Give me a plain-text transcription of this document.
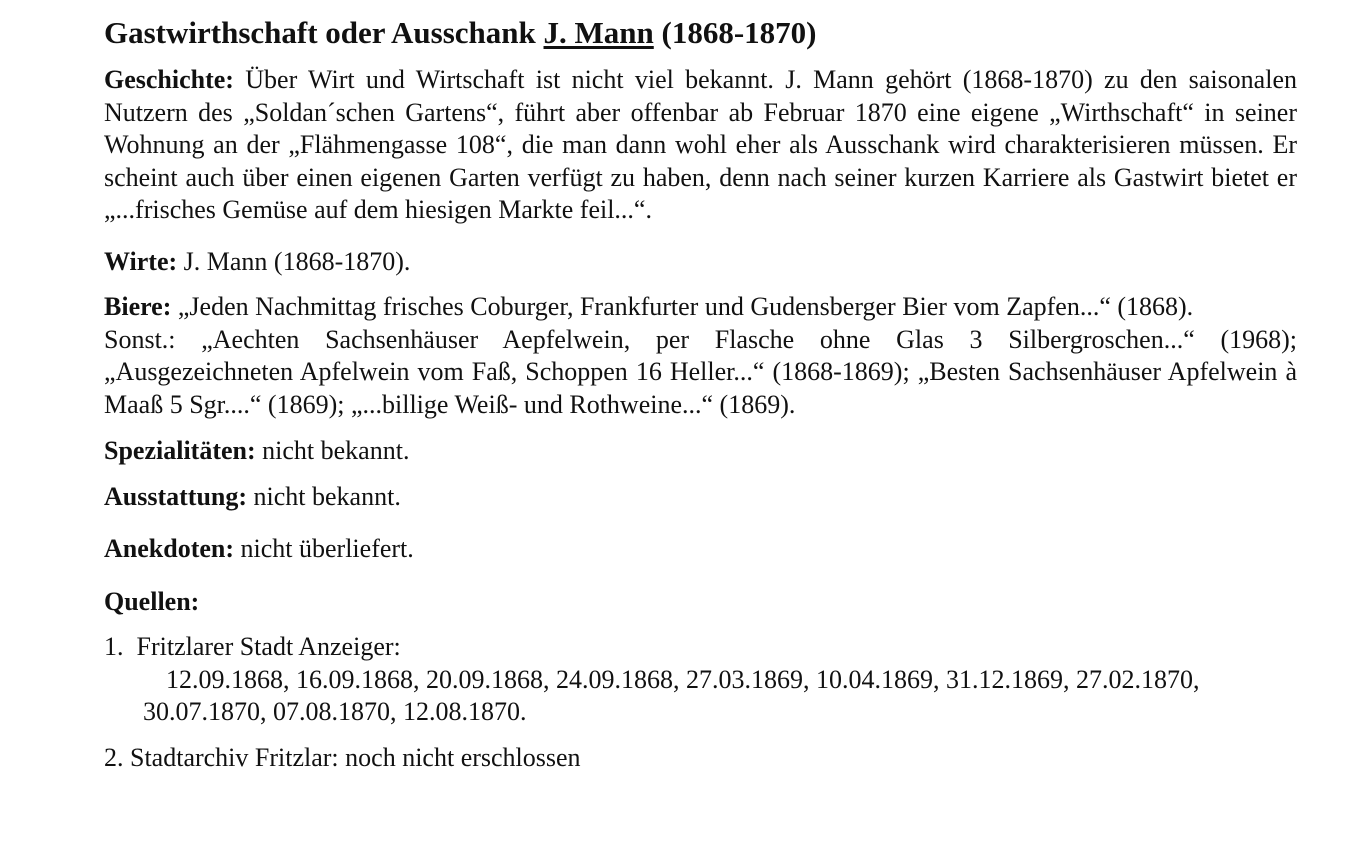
Gastwirthschaft oder Ausschank J. Mann (1868-1870)

Geschichte: Über Wirt und Wirtschaft ist nicht viel bekannt. J. Mann gehört (1868-1870) zu den saisonalen Nutzern des „Soldan´schen Gartens“, führt aber offenbar ab Februar 1870 eine eigene „Wirthschaft“ in seiner Wohnung an der „Flähmengasse 108“, die man dann wohl eher als Ausschank wird charakterisieren müssen. Er scheint auch über einen eigenen Garten verfügt zu haben, denn nach seiner kurzen Karriere als Gastwirt bietet er „...frisches Gemüse auf dem hiesigen Markte feil...“.

Wirte: J. Mann (1868-1870).

Biere: „Jeden Nachmittag frisches Coburger, Frankfurter und Gudensberger Bier vom Zapfen...“ (1868).
Sonst.: „Aechten Sachsenhäuser Aepfelwein, per Flasche ohne Glas 3 Silbergroschen...“ (1968); „Ausgezeichneten Apfelwein vom Faß, Schoppen 16 Heller...“ (1868-1869); „Besten Sachsenhäuser Apfelwein à Maaß 5 Sgr....“ (1869); „...billige Weiß- und Rothweine...“ (1869).

Spezialitäten: nicht bekannt.

Ausstattung: nicht bekannt.

Anekdoten: nicht überliefert.

Quellen:

1.  Fritzlarer Stadt Anzeiger:
12.09.1868, 16.09.1868, 20.09.1868, 24.09.1868, 27.03.1869, 10.04.1869, 31.12.1869, 27.02.1870,
30.07.1870, 07.08.1870, 12.08.1870.

2. Stadtarchiv Fritzlar: noch nicht erschlossen
